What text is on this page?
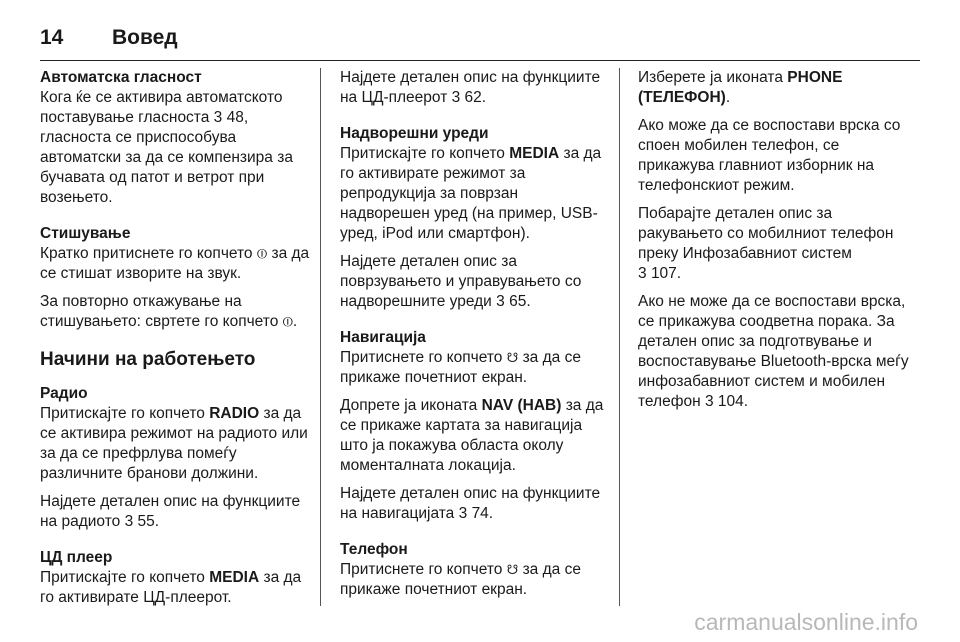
14	Вовед
Автоматска гласност
Кога ќе се активира автоматското поставување гласноста 3 48, гласноста се приспособува автоматски за да се компензира за бучавата од патот и ветрот при возењето.
Стишување

Кратко притиснете го копчето ⏼ за да се стишат изворите на звук.

За повторно откажување на стишувањето: свртете го копчето ⏼.

Начини на работењето
Радио

Притискајте го копчето RADIO за да се активира режимот на радиото или за да се префрлува помеѓу различните бранови должини.

Најдете детален опис на функциите на радиото 3 55.

ЦД плеер
Притискајте го копчето MEDIA за да го активирате ЦД-плеерот.
Најдете детален опис на функциите на ЦД-плеерот 3 62.
Надворешни уреди

Притискајте го копчето MEDIA за да го активирате режимот за репродукција за поврзан надворешен уред (на пример, USB-уред, iPod или смартфон).

Најдете детален опис за поврзувањето и управувањето со надворешните уреди 3 65.

Навигација

Притиснете го копчето ☋ за да се прикаже почетниот екран.

Допрете ја иконата NAV (HAB) за да се прикаже картата за навигација што ја покажува областа околу моменталната локација.

Најдете детален опис на функциите на навигацијата 3 74.

Телефон
Притиснете го копчето ☋ за да се прикаже почетниот екран.

Изберете ја иконата PHONE (ТЕЛЕФОН).

Ако може да се воспостави врска со споен мобилен телефон, се прикажува главниот изборник на телефонскиот режим.

Побарајте детален опис за ракувањето со мобилниот телефон преку Инфозабавниот систем
3 107.

Ако не може да се воспостави врска, се прикажува соодветна порака. За детален опис за подготвување и воспоставување Bluetooth-врска меѓу инфозабавниот систем и мобилен телефон 3 104.

carmanualsonline.info
